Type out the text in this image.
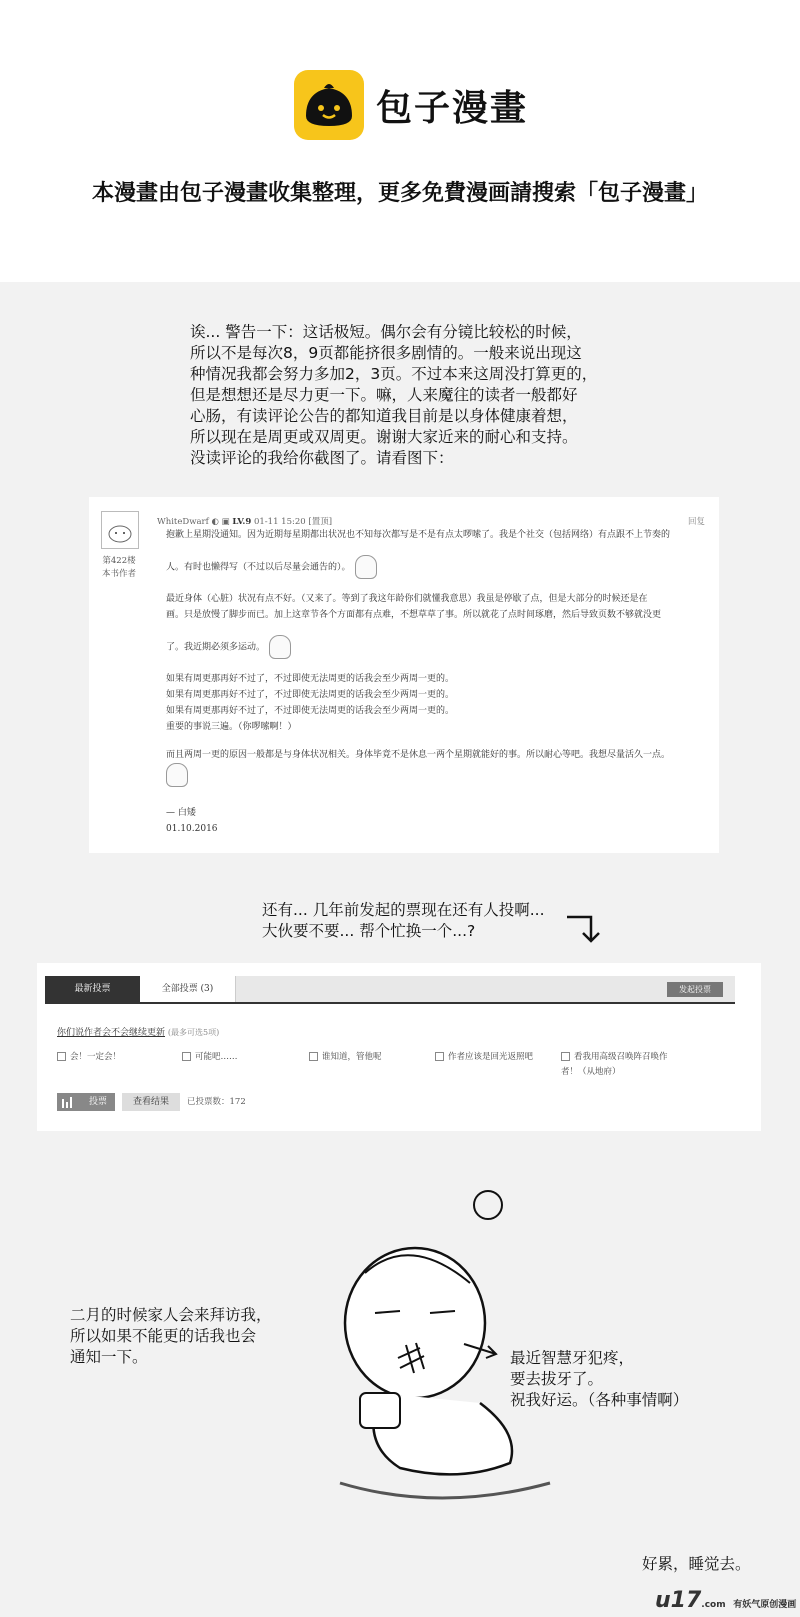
包子漫畫
本漫畫由包子漫畫收集整理，更多免費漫画請搜索「包子漫畫」
诶... 警告一下：这话极短。偶尔会有分镜比较松的时候，
所以不是每次8，9页都能挤很多剧情的。一般来说出现这
种情况我都会努力多加2，3页。不过本来这周没打算更的，
但是想想还是尽力更一下。嘛，人来魔往的读者一般都好
心肠，有读评论公告的都知道我目前是以身体健康着想，
所以现在是周更或双周更。谢谢大家近来的耐心和支持。
没读评论的我给你截图了。请看图下：
第422楼
本书作者
WhiteDwarf ◐ ▣ LV.9 01-11 15:20 [置顶]	回复

抱歉上星期没通知。因为近期每星期都出状况也不知每次都写是不是有点太啰嗦了。我是个社交（包括网络）有点跟不上节奏的

人。有时也懒得写（不过以后尽量会通告的）。

最近身体（心脏）状况有点不好。（又来了。等到了我这年龄你们就懂我意思）我虽是停歇了点，但是大部分的时候还是在

画。只是放慢了脚步而已。加上这章节各个方面都有点难，不想草草了事。所以就花了点时间琢磨，然后导致页数不够就没更

了。我近期必须多运动。

如果有周更那再好不过了，不过即使无法周更的话我会至少两周一更的。

如果有周更那再好不过了，不过即使无法周更的话我会至少两周一更的。

如果有周更那再好不过了，不过即使无法周更的话我会至少两周一更的。

重要的事说三遍。（你啰嗦啊！）

而且两周一更的原因一般都是与身体状况相关。身体毕竟不是休息一两个星期就能好的事。所以耐心等吧。我想尽量活久一点。

— 白矮

01.10.2016

还有... 几年前发起的票现在还有人投啊...
大伙要不要... 帮个忙换一个...?
最新投票	全部投票 (3)	发起投票
你们说作者会不会继续更新 (最多可选5项)
会！一定会！	可能吧……	谁知道，管他呢	作者应该是回光返照吧	看我用高级召唤阵召唤作
者！（从地府）
投票	查看结果	已投票数：172
二月的时候家人会来拜访我，
所以如果不能更的话我也会
通知一下。	最近智慧牙犯疼，
要去拔牙了。
祝我好运。（各种事情啊）
好累，睡觉去。
u17.com 有妖气原创漫画
